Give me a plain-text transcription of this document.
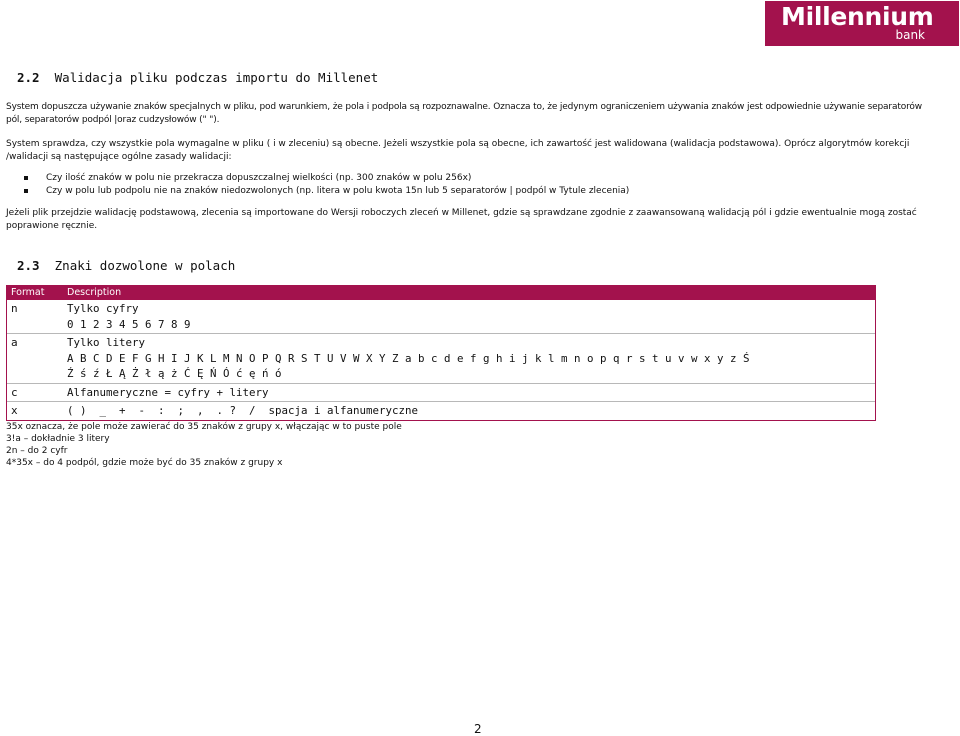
Millennium
bank
2.2 Walidacja pliku podczas importu do Millenet
System dopuszcza używanie znaków specjalnych w pliku, pod warunkiem, że pola i podpola są rozpoznawalne. Oznacza to, że jedynym ograniczeniem używania znaków jest odpowiednie używanie separatorów pól, separatorów podpól |oraz cudzysłowów (" ").
System sprawdza, czy wszystkie pola wymagalne w pliku ( i w zleceniu) są obecne. Jeżeli wszystkie pola są obecne, ich zawartość jest walidowana (walidacja podstawowa). Oprócz algorytmów korekcji /walidacji są następujące ogólne zasady walidacji:
Czy ilość znaków w polu nie przekracza dopuszczalnej wielkości (np. 300 znaków w polu 256x)
Czy w polu lub podpolu nie na znaków niedozwolonych (np. litera w polu kwota 15n lub 5 separatorów | podpól w Tytule zlecenia)
Jeżeli plik przejdzie walidację podstawową, zlecenia są importowane do Wersji roboczych zleceń w Millenet, gdzie są sprawdzane zgodnie z zaawansowaną walidacją pól i gdzie ewentualnie mogą zostać poprawione ręcznie.
2.3 Znaki dozwolone w polach
Format	Description
n	Tylko cyfry
0 1 2 3 4 5 6 7 8 9
a	Tylko litery
A B C D E F G H I J K L M N O P Q R S T U V W X Y Z a b c d e f g h i j k l m n o p q r s t u v w x y z Ś
Ź ś ź Ł Ą Ż ł ą ż Ć Ę Ń Ó ć ę ń ó
c	Alfanumeryczne = cyfry + litery
x	( )  _  +  -  :  ;  ,  . ?  /  spacja i alfanumeryczne
35x oznacza, że pole może zawierać do 35 znaków z grupy x, włączając w to puste pole
3!a – dokładnie 3 litery
2n – do 2 cyfr
4*35x – do 4 podpól, gdzie może być do 35 znaków z grupy x
2
